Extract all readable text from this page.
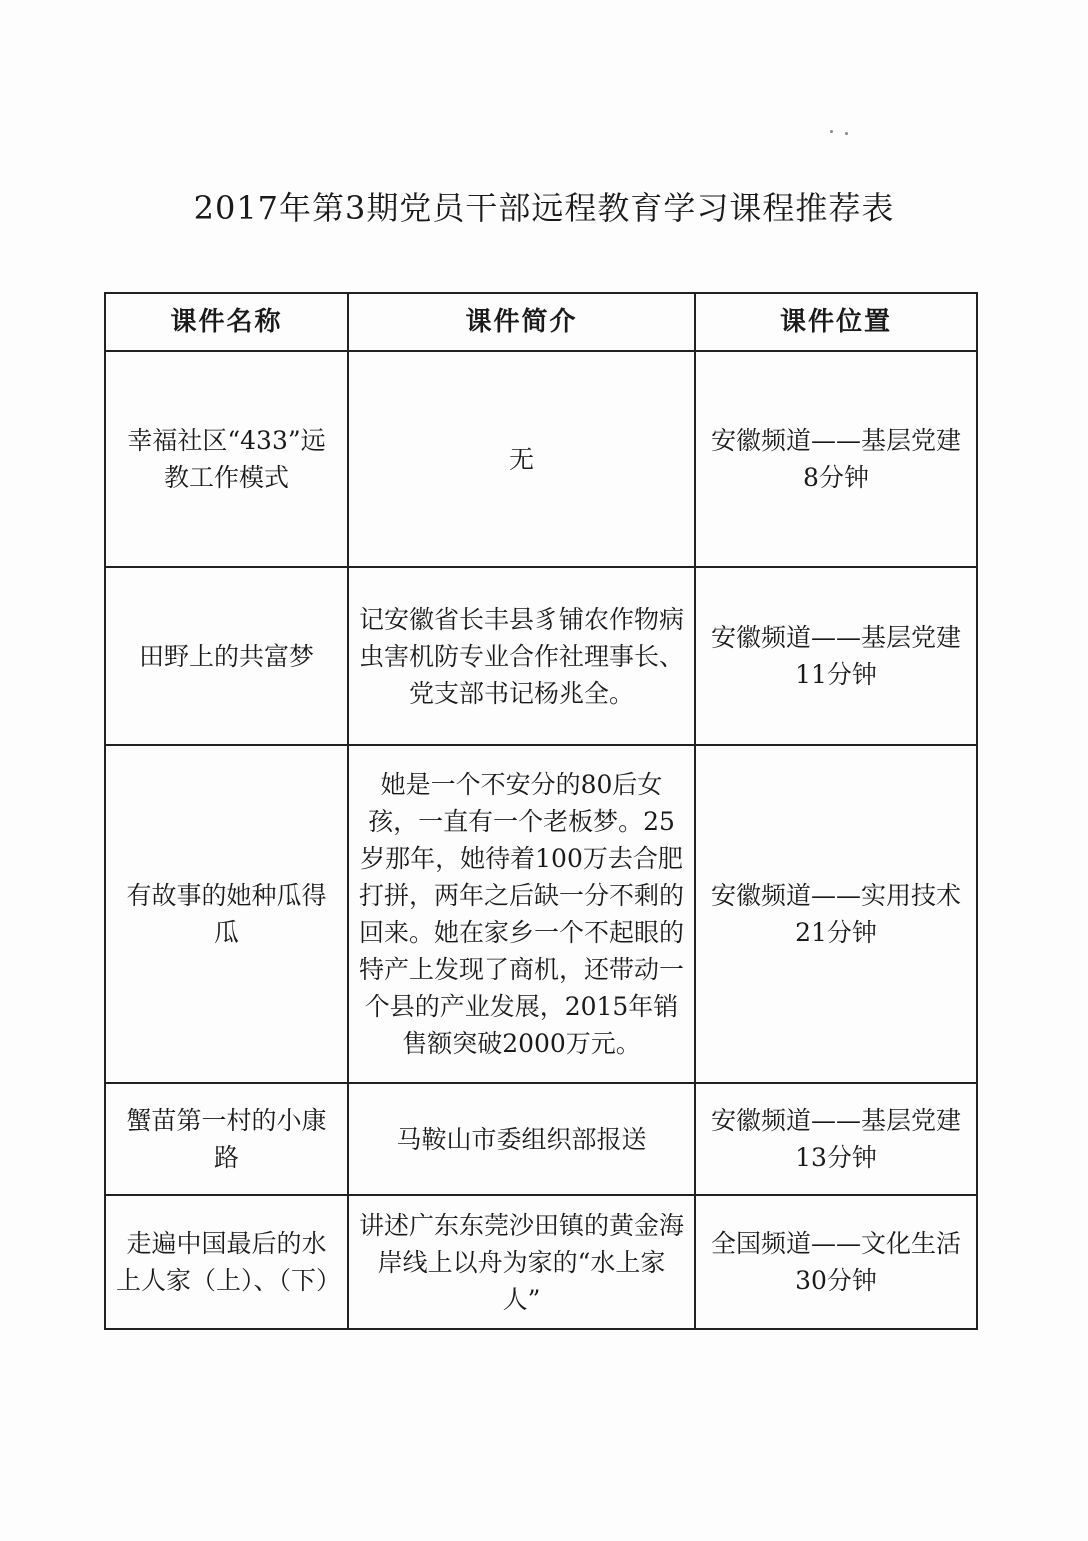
2017年第3期党员干部远程教育学习课程推荐表
课件名称	课件简介	课件位置
幸福社区“433”远教工作模式	无	安徽频道——基层党建
8分钟

田野上的共富梦	记安徽省长丰县豸铺农作物病虫害机防专业合作社理事长、党支部书记杨兆全。	安徽频道——基层党建
11分钟

有故事的她种瓜得瓜	她是一个不安分的80后女孩，一直有一个老板梦。25岁那年，她待着100万去合肥打拼，两年之后缺一分不剩的回来。她在家乡一个不起眼的特产上发现了商机，还带动一个县的产业发展，2015年销售额突破2000万元。	安徽频道——实用技术
21分钟

蟹苗第一村的小康路	马鞍山市委组织部报送	安徽频道——基层党建
13分钟

走遍中国最后的水上人家（上）、（下）	讲述广东东莞沙田镇的黄金海岸线上以舟为家的“水上家人”	全国频道——文化生活
30分钟
